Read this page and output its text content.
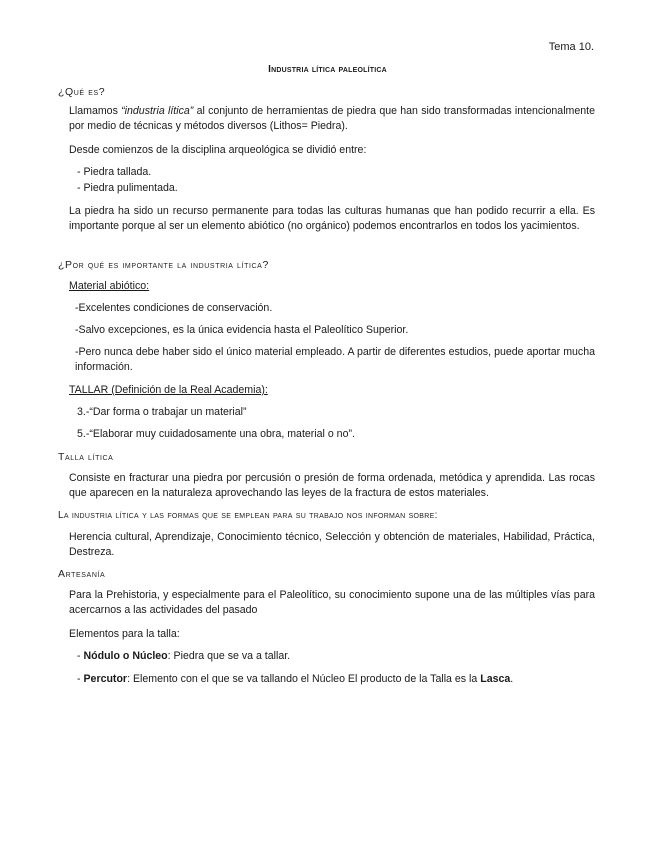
Tema 10.
Industria lítica paleolítica
¿Qué es?
Llamamos “industria lítica” al conjunto de herramientas de piedra que han sido transformadas intencionalmente por medio de técnicas y métodos diversos (Lithos= Piedra).
Desde comienzos de la disciplina arqueológica se dividió entre:
- Piedra tallada.
- Piedra pulimentada.
La piedra ha sido un recurso permanente para todas las culturas humanas que han podido recurrir a ella. Es importante porque al ser un elemento abiótico (no orgánico) podemos encontrarlos en todos los yacimientos.
¿Por qué es importante la industria lítica?
Material abiótico:
-Excelentes condiciones de conservación.
-Salvo excepciones, es la única evidencia hasta el Paleolítico Superior.
-Pero nunca debe haber sido el único material empleado. A partir de diferentes estudios, puede aportar mucha información.
TALLAR (Definición de la Real Academia):
3.-“Dar forma o trabajar un material”
5.-“Elaborar muy cuidadosamente una obra, material o no”.
Talla lítica
Consiste en fracturar una piedra por percusión o presión de forma ordenada, metódica y aprendida. Las rocas que aparecen en la naturaleza aprovechando las leyes de la fractura de estos materiales.
La industria lítica y las formas que se emplean para su trabajo nos informan sobre:
Herencia cultural, Aprendizaje, Conocimiento técnico, Selección y obtención de materiales, Habilidad, Práctica, Destreza.
Artesanía
Para la Prehistoria, y especialmente para el Paleolítico, su conocimiento supone una de las múltiples vías para acercarnos a las actividades del pasado
Elementos para la talla:
- Nódulo o Núcleo: Piedra que se va a tallar.
- Percutor: Elemento con el que se va tallando el Núcleo El producto de la Talla es la Lasca.
